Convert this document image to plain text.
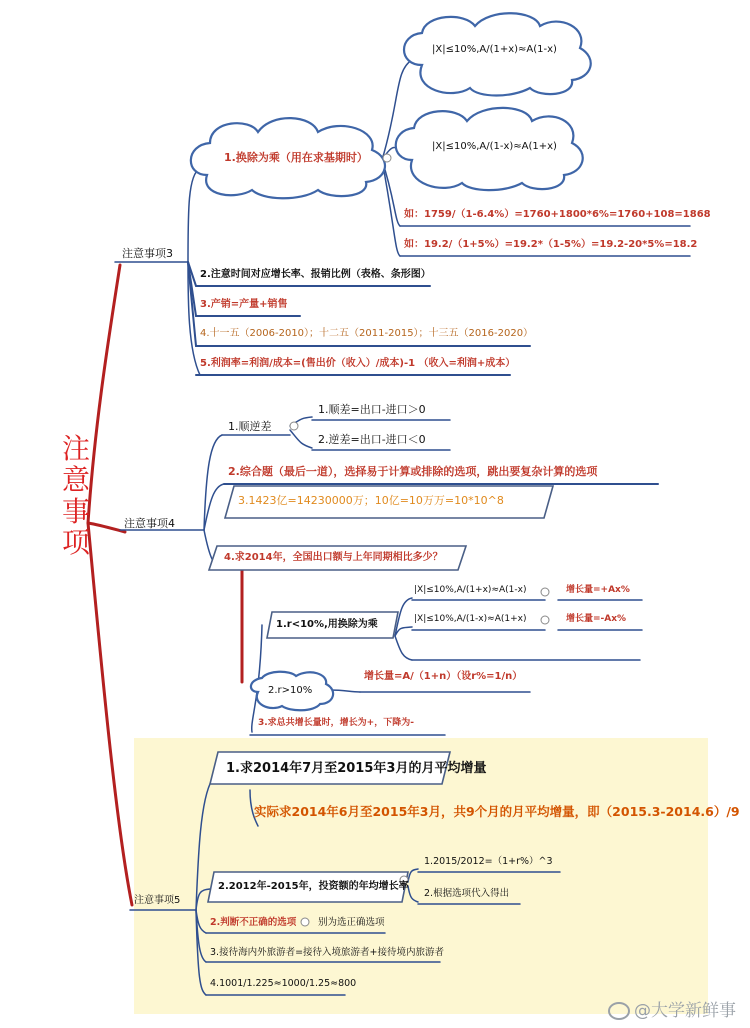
注
意
事
项
注意事项3
1.换除为乘（用在求基期时）
|X|≤10%,A/(1+x)≈A(1-x)
|X|≤10%,A/(1-x)≈A(1+x)
如：1759/（1-6.4%）=1760+1800*6%=1760+108=1868
如：19.2/（1+5%）=19.2*（1-5%）=19.2-20*5%=18.2
2.注意时间对应增长率、报销比例（表格、条形图）
3.产销=产量+销售
4.十一五（2006-2010）；十二五（2011-2015）；十三五（2016-2020）
5.利润率=利润/成本=(售出价（收入）/成本)-1 （收入=利润+成本）
注意事项4
1.顺逆差
1.顺差=出口-进口＞0
2.逆差=出口-进口＜0
2.综合题（最后一道），选择易于计算或排除的选项，跳出要复杂计算的选项
3.1423亿=14230000万；10亿=10万万=10*10^8
4.求2014年，全国出口额与上年同期相比多少？
1.r<10%,用换除为乘
|X|≤10%,A/(1+x)≈A(1-x)	增长量=+Ax%
|X|≤10%,A/(1-x)≈A(1+x)	增长量=-Ax%
2.r>10%
增长量=A/（1+n）（设r%=1/n）
3.求总共增长量时，增长为+，下降为-
注意事项5
1.求2014年7月至2015年3月的月平均增量
实际求2014年6月至2015年3月，共9个月的月平均增量，即（2015.3-2014.6）/9
2.2012年-2015年，投资额的年均增长率
1.2015/2012=（1+r%）^3
2.根据选项代入得出
2.判断不正确的选项 别为选正确选项
3.接待海内外旅游者=接待入境旅游者+接待境内旅游者
4.1001/1.225≈1000/1.25≈800
@大学新鲜事
